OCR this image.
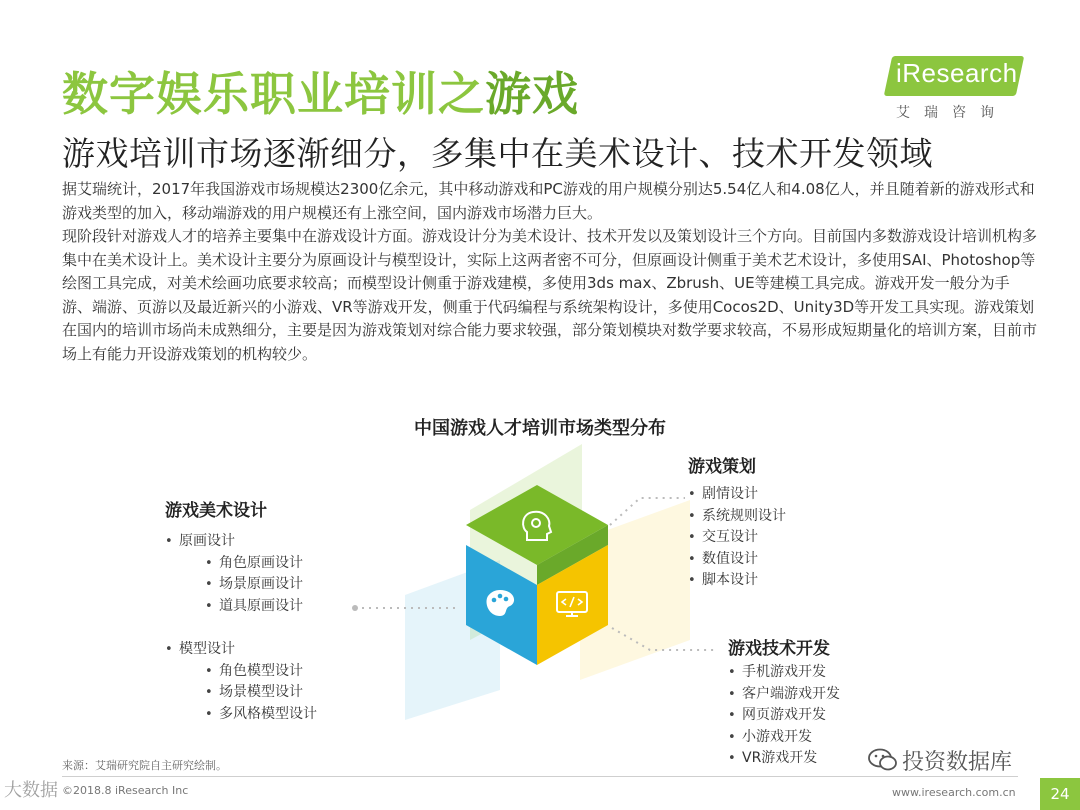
数字娱乐职业培训之游戏	iResearch
艾瑞咨询
游戏培训市场逐渐细分，多集中在美术设计、技术开发领域

据艾瑞统计，2017年我国游戏市场规模达2300亿余元，其中移动游戏和PC游戏的用户规模分别达5.54亿人和4.08亿人，并且随着新的游戏形式和游戏类型的加入，移动端游戏的用户规模还有上涨空间，国内游戏市场潜力巨大。

现阶段针对游戏人才的培养主要集中在游戏设计方面。游戏设计分为美术设计、技术开发以及策划设计三个方向。目前国内多数游戏设计培训机构多集中在美术设计上。美术设计主要分为原画设计与模型设计，实际上这两者密不可分，但原画设计侧重于美术艺术设计，多使用SAI、Photoshop等绘图工具完成，对美术绘画功底要求较高；而模型设计侧重于游戏建模，多使用3ds max、Zbrush、UE等建模工具完成。游戏开发一般分为手游、端游、页游以及最近新兴的小游戏、VR等游戏开发，侧重于代码编程与系统架构设计，多使用Cocos2D、Unity3D等开发工具实现。游戏策划在国内的培训市场尚未成熟细分，主要是因为游戏策划对综合能力要求较强，部分策划模块对数学要求较高，不易形成短期量化的培训方案，目前市场上有能力开设游戏策划的机构较少。

中国游戏人才培训市场类型分布
游戏美术设计
• 原画设计
• 角色原画设计
• 场景原画设计
• 道具原画设计
• 模型设计
• 角色模型设计
• 场景模型设计
• 多风格模型设计
游戏策划
• 剧情设计
• 系统规则设计
• 交互设计
• 数值设计
• 脚本设计
游戏技术开发
• 手机游戏开发
• 客户端游戏开发
• 网页游戏开发
• 小游戏开发
• VR游戏开发	投资数据库
大数据
来源：艾瑞研究院自主研究绘制。
©2018.8 iResearch Inc	www.iresearch.com.cn	24
